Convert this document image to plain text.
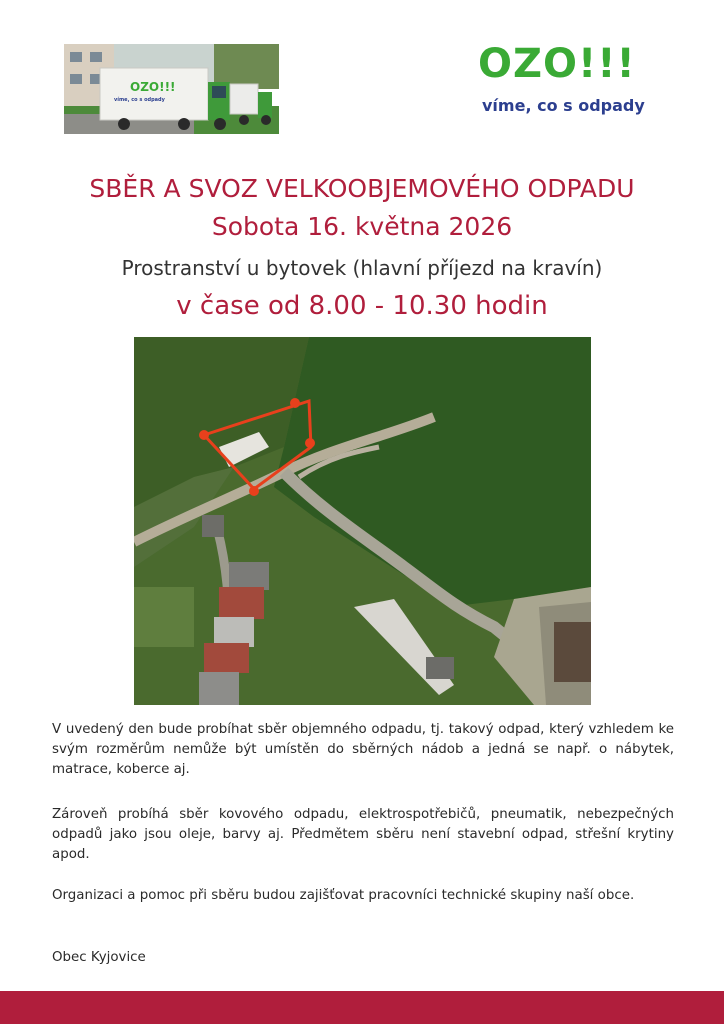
OZO!!!
víme, co s odpady
OZO!!!
víme, co s odpady
SBĚR A SVOZ VELKOOBJEMOVÉHO ODPADU
Sobota 16. května 2026
Prostranství u bytovek (hlavní příjezd na kravín)
v čase od 8.00 - 10.30 hodin

V uvedený den bude probíhat sběr objemného odpadu, tj. takový odpad, který vzhledem ke svým rozměrům nemůže být umístěn do sběrných nádob a jedná se např. o nábytek, matrace, koberce aj.

Zároveň probíhá sběr kovového odpadu, elektrospotřebičů, pneumatik, nebezpečných odpadů jako jsou oleje, barvy aj. Předmětem sběru není stavební odpad, střešní krytiny apod.

Organizaci a pomoc při sběru budou zajišťovat pracovníci technické skupiny naší obce.

Obec Kyjovice
